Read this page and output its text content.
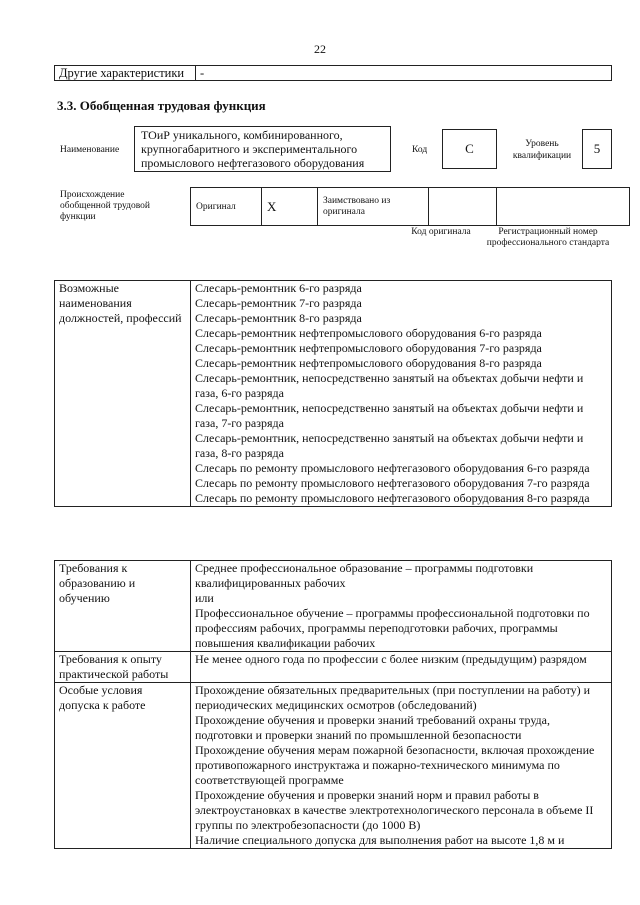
22
Другие характеристики	-
3.3. Обобщенная трудовая функция
Наименование
ТОиР уникального, комбинированного, крупногабаритного и экспериментального промыслового нефтегазового оборудования
Код	C	Уровень квалификации	5
Происхождение обобщенной трудовой функции
Оригинал	X	Заимствовано из оригинала		
Код оригинала	Регистрационный номер профессионального стандарта
Возможные наименования должностей, профессий	
Слесарь-ремонтник 6-го разряда
Слесарь-ремонтник 7-го разряда
Слесарь-ремонтник 8-го разряда
Слесарь-ремонтник нефтепромыслового оборудования 6-го разряда
Слесарь-ремонтник нефтепромыслового оборудования 7-го разряда
Слесарь-ремонтник нефтепромыслового оборудования 8-го разряда
Слесарь-ремонтник, непосредственно занятый на объектах добычи нефти и газа, 6-го разряда
Слесарь-ремонтник, непосредственно занятый на объектах добычи нефти и газа, 7-го разряда
Слесарь-ремонтник, непосредственно занятый на объектах добычи нефти и газа, 8-го разряда
Слесарь по ремонту промыслового нефтегазового оборудования 6-го разряда
Слесарь по ремонту промыслового нефтегазового оборудования 7-го разряда
Слесарь по ремонту промыслового нефтегазового оборудования 8-го разряда
Требования к образованию и обучению	Среднее профессиональное образование – программы подготовки квалифицированных рабочих
или
Профессиональное обучение – программы профессиональной подготовки по профессиям рабочих, программы переподготовки рабочих, программы повышения квалификации рабочих

Требования к опыту практической работы	Не менее одного года по профессии с более низким (предыдущим) разрядом
Особые условия допуска к работе	Прохождение обязательных предварительных (при поступлении на работу) и периодических медицинских осмотров (обследований)
Прохождение обучения и проверки знаний требований охраны труда, подготовки и проверки знаний по промышленной безопасности
Прохождение обучения мерам пожарной безопасности, включая прохождение противопожарного инструктажа и пожарно-технического минимума по соответствующей программе
Прохождение обучения и проверки знаний норм и правил работы в электроустановках в качестве электротехнологического персонала в объеме II группы по электробезопасности (до 1000 В)
Наличие специального допуска для выполнения работ на высоте 1,8 м и
